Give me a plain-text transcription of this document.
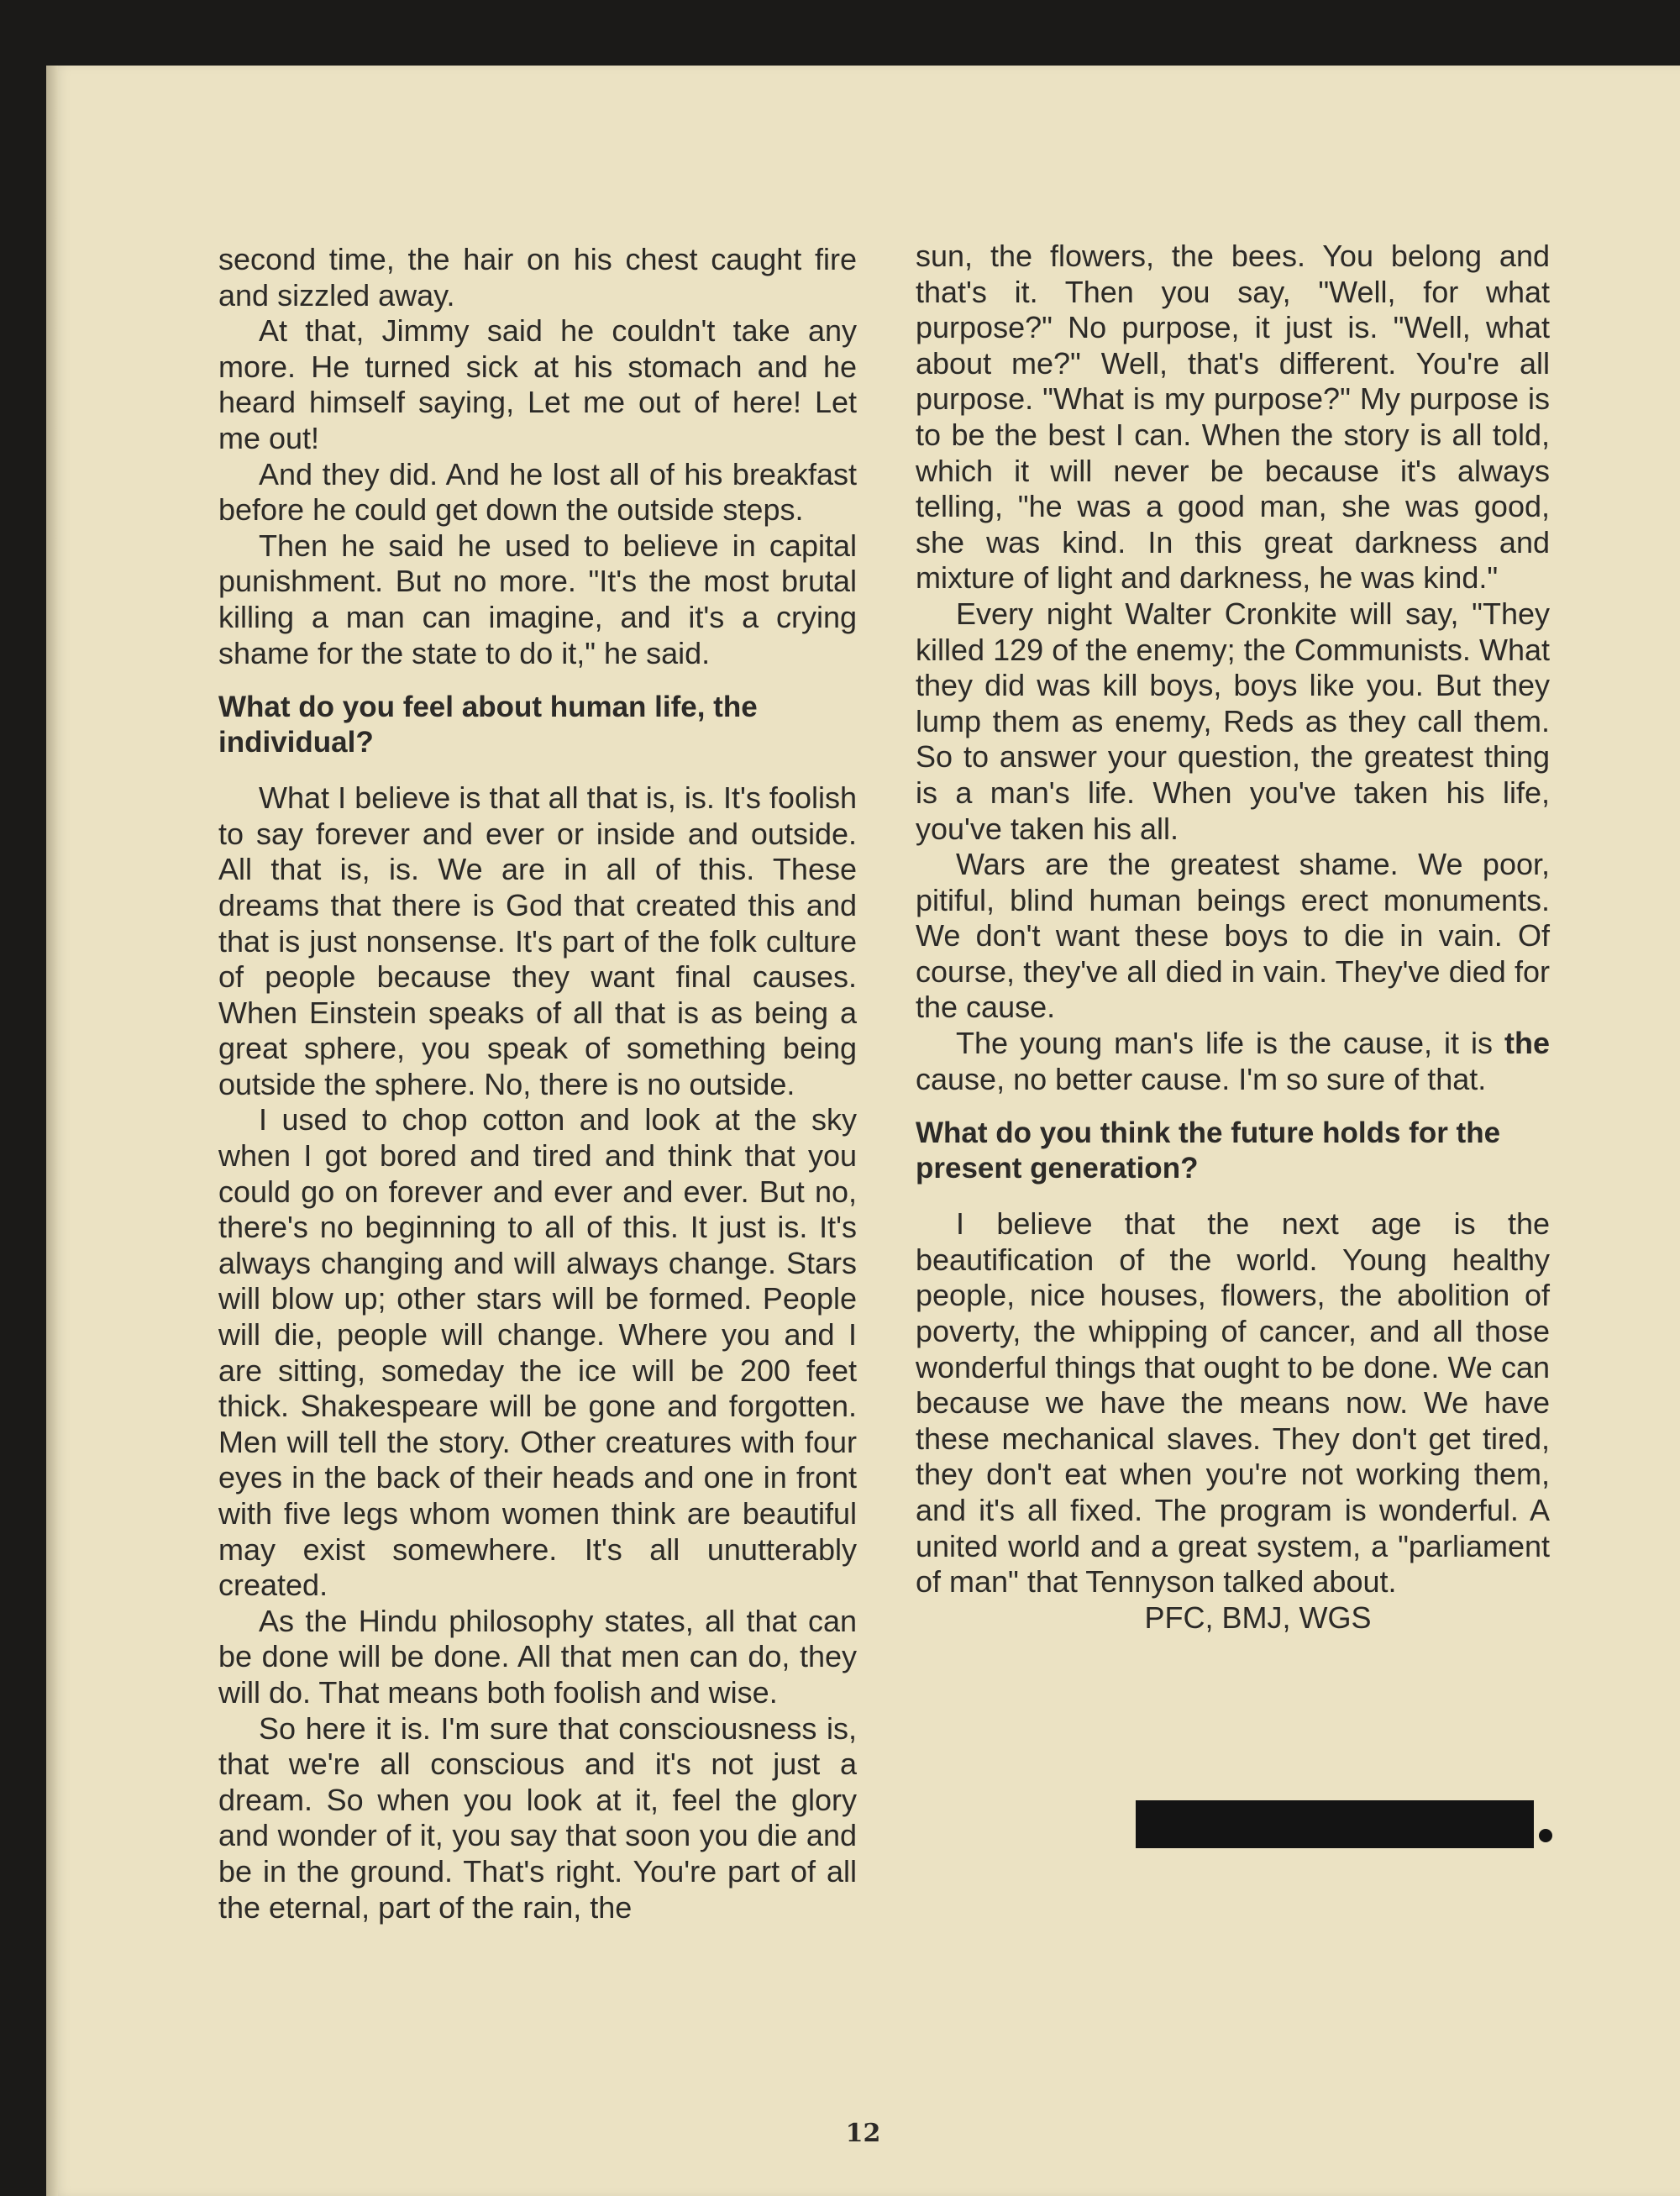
second time, the hair on his chest caught fire and sizzled away.

At that, Jimmy said he couldn't take any more. He turned sick at his stomach and he heard himself saying, Let me out of here! Let me out!

And they did. And he lost all of his breakfast before he could get down the outside steps.

Then he said he used to believe in capital punishment. But no more. "It's the most brutal killing a man can imagine, and it's a crying shame for the state to do it," he said.

What do you feel about human life, the individual?

What I believe is that all that is, is. It's foolish to say forever and ever or inside and outside. All that is, is. We are in all of this. These dreams that there is God that created this and that is just nonsense. It's part of the folk culture of people because they want final causes. When Einstein speaks of all that is as being a great sphere, you speak of something being outside the sphere. No, there is no outside.

I used to chop cotton and look at the sky when I got bored and tired and think that you could go on forever and ever and ever. But no, there's no beginning to all of this. It just is. It's always changing and will always change. Stars will blow up; other stars will be formed. People will die, people will change. Where you and I are sitting, someday the ice will be 200 feet thick. Shakespeare will be gone and forgotten. Men will tell the story. Other creatures with four eyes in the back of their heads and one in front with five legs whom women think are beautiful may exist somewhere. It's all unutterably created.

As the Hindu philosophy states, all that can be done will be done. All that men can do, they will do. That means both foolish and wise.

So here it is. I'm sure that consciousness is, that we're all conscious and it's not just a dream. So when you look at it, feel the glory and wonder of it, you say that soon you die and be in the ground. That's right. You're part of all the eternal, part of the rain, the

sun, the flowers, the bees. You belong and that's it. Then you say, "Well, for what purpose?" No purpose, it just is. "Well, what about me?" Well, that's different. You're all purpose. "What is my purpose?" My purpose is to be the best I can. When the story is all told, which it will never be because it's always telling, "he was a good man, she was good, she was kind. In this great darkness and mixture of light and darkness, he was kind."

Every night Walter Cronkite will say, "They killed 129 of the enemy; the Communists. What they did was kill boys, boys like you. But they lump them as enemy, Reds as they call them. So to answer your question, the greatest thing is a man's life. When you've taken his life, you've taken his all.

Wars are the greatest shame. We poor, pitiful, blind human beings erect monuments. We don't want these boys to die in vain. Of course, they've all died in vain. They've died for the cause.

The young man's life is the cause, it is the cause, no better cause. I'm so sure of that.

What do you think the future holds for the present generation?

I believe that the next age is the beautification of the world. Young healthy people, nice houses, flowers, the abolition of poverty, the whipping of cancer, and all those wonderful things that ought to be done. We can because we have the means now. We have these mechanical slaves. They don't get tired, they don't eat when you're not working them, and it's all fixed. The program is wonderful. A united world and a great system, a "parliament of man" that Tennyson talked about.

PFC, BMJ, WGS

12
